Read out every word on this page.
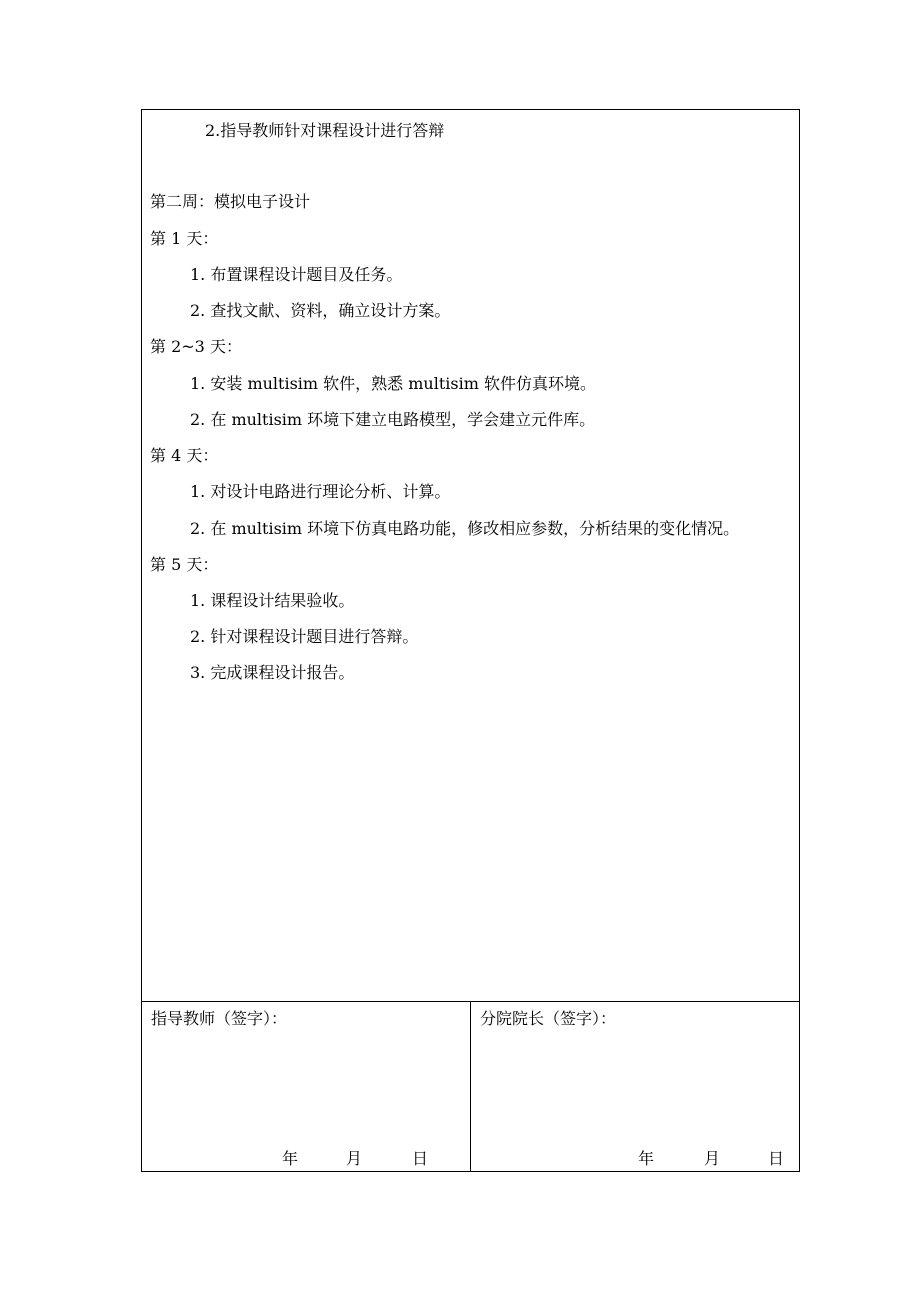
2.指导教师针对课程设计进行答辩
第二周：模拟电子设计
第 1 天：
1. 布置课程设计题目及任务。
2. 查找文献、资料，确立设计方案。
第 2~3 天：
1. 安装 multisim 软件，熟悉 multisim 软件仿真环境。
2. 在 multisim 环境下建立电路模型，学会建立元件库。
第 4 天：
1. 对设计电路进行理论分析、计算。
2. 在 multisim 环境下仿真电路功能，修改相应参数，分析结果的变化情况。
第 5 天：
1. 课程设计结果验收。
2. 针对课程设计题目进行答辩。
3. 完成课程设计报告。
指导教师（签字）：
年	月	日
分院院长（签字）：
年	月	日
